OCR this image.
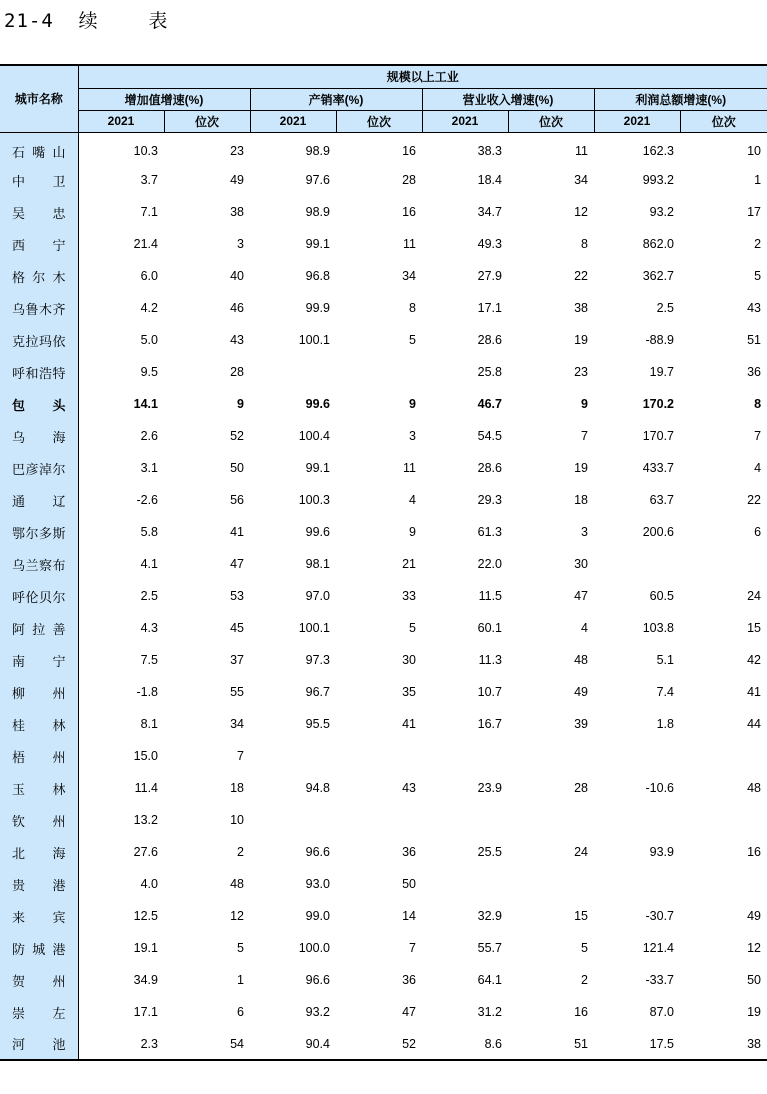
21-4  续    表
城市名称	规模以上工业							
	增加值增速(%)		产销率(%)		营业收入增速(%)		利润总额增速(%)	
	2021	位次	2021	位次	2021	位次	2021	位次
石嘴山	10.3	23	98.9	16	38.3	11	162.3	10
中卫	3.7	49	97.6	28	18.4	34	993.2	1
吴忠	7.1	38	98.9	16	34.7	12	93.2	17
西宁	21.4	3	99.1	11	49.3	8	862.0	2
格尔木	6.0	40	96.8	34	27.9	22	362.7	5
乌鲁木齐	4.2	46	99.9	8	17.1	38	2.5	43
克拉玛依	5.0	43	100.1	5	28.6	19	-88.9	51
呼和浩特	9.5	28			25.8	23	19.7	36
包头	14.1	9	99.6	9	46.7	9	170.2	8
乌海	2.6	52	100.4	3	54.5	7	170.7	7
巴彦淖尔	3.1	50	99.1	11	28.6	19	433.7	4
通辽	-2.6	56	100.3	4	29.3	18	63.7	22
鄂尔多斯	5.8	41	99.6	9	61.3	3	200.6	6
乌兰察布	4.1	47	98.1	21	22.0	30		
呼伦贝尔	2.5	53	97.0	33	11.5	47	60.5	24
阿拉善	4.3	45	100.1	5	60.1	4	103.8	15
南宁	7.5	37	97.3	30	11.3	48	5.1	42
柳州	-1.8	55	96.7	35	10.7	49	7.4	41
桂林	8.1	34	95.5	41	16.7	39	1.8	44
梧州	15.0	7						
玉林	11.4	18	94.8	43	23.9	28	-10.6	48
钦州	13.2	10						
北海	27.6	2	96.6	36	25.5	24	93.9	16
贵港	4.0	48	93.0	50				
来宾	12.5	12	99.0	14	32.9	15	-30.7	49
防城港	19.1	5	100.0	7	55.7	5	121.4	12
贺州	34.9	1	96.6	36	64.1	2	-33.7	50
崇左	17.1	6	93.2	47	31.2	16	87.0	19
河池	2.3	54	90.4	52	8.6	51	17.5	38
